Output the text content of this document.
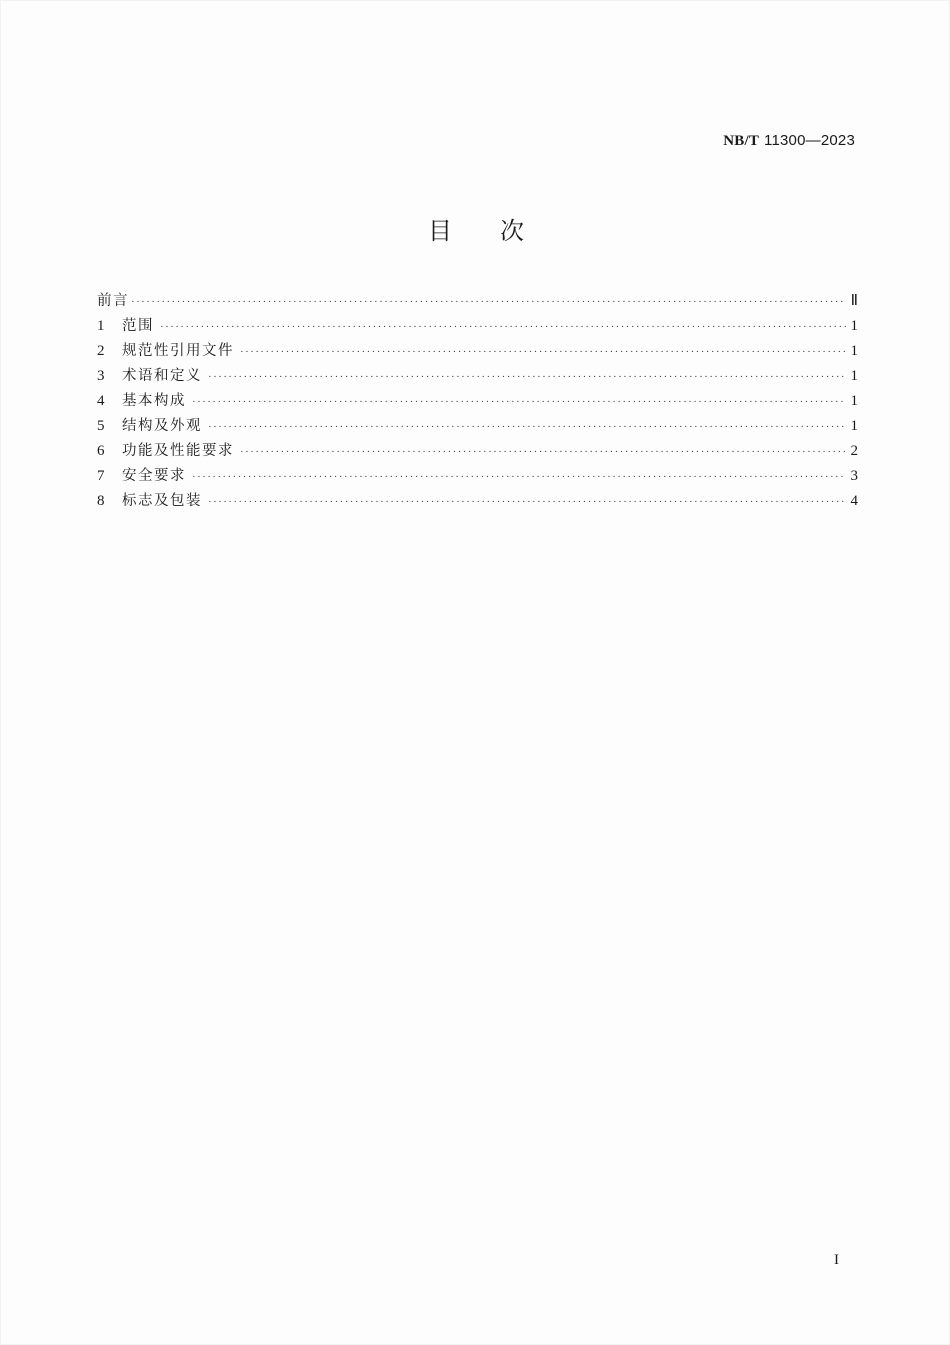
NB/T 11300—2023
目次
前言 ·····	Ⅱ
1	范围 ·····	1
2	规范性引用文件 ·····	1
3	术语和定义 ·····	1
4	基本构成 ·····	1
5	结构及外观 ·····	1
6	功能及性能要求 ·····	2
7	安全要求 ·····	3
8	标志及包装 ·····	4
I
